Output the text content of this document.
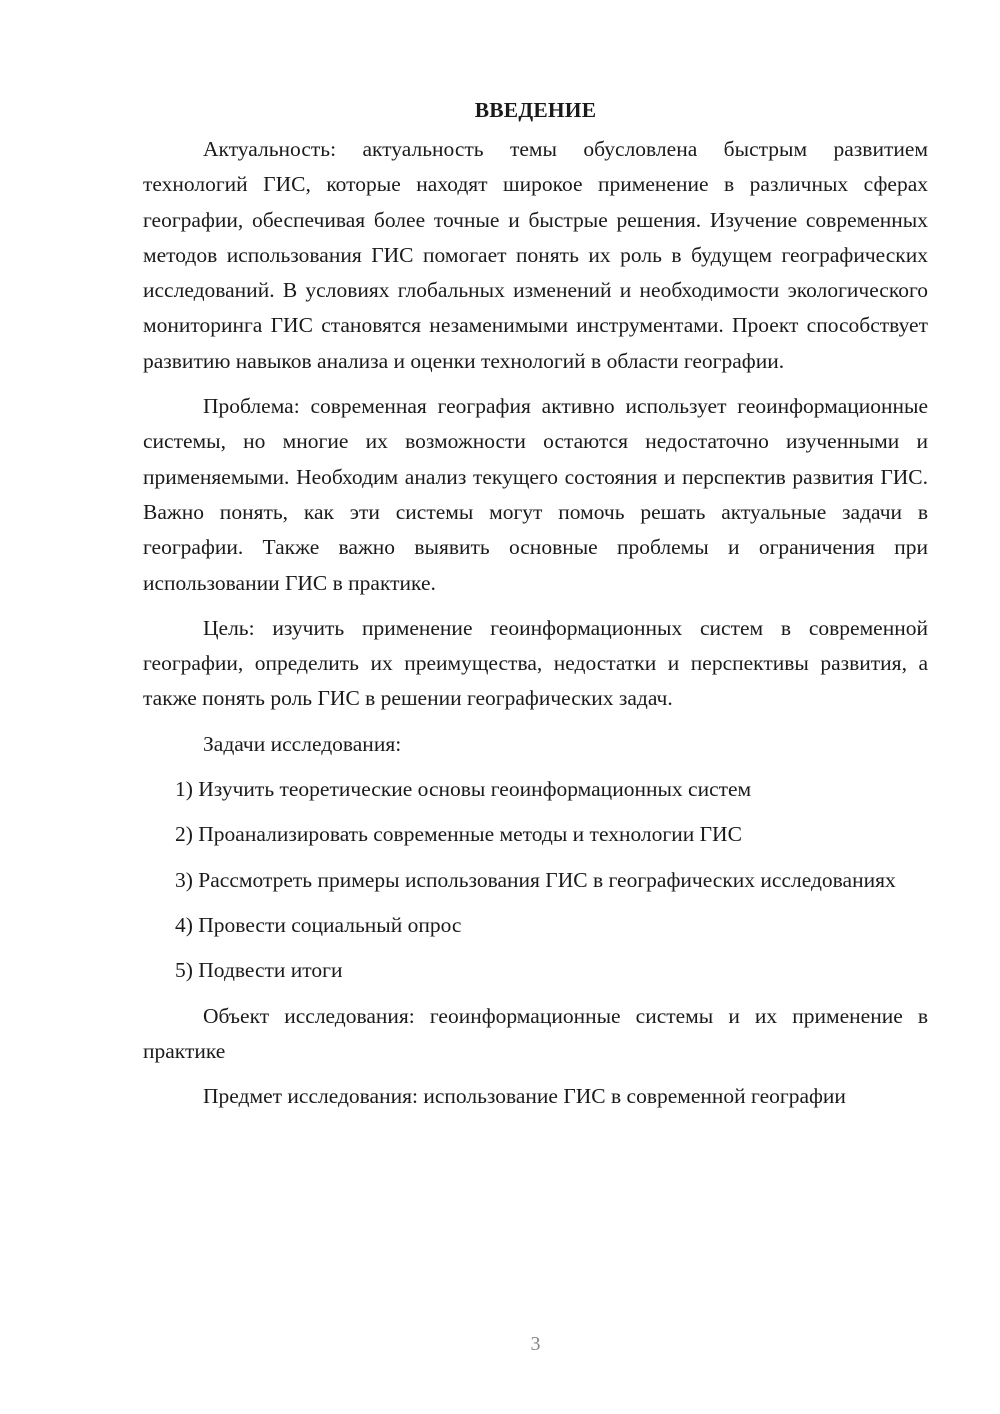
ВВЕДЕНИЕ

Актуальность: актуальность темы обусловлена быстрым развитием технологий ГИС, которые находят широкое применение в различных сферах географии, обеспечивая более точные и быстрые решения. Изучение современных методов использования ГИС помогает понять их роль в будущем географических исследований. В условиях глобальных изменений и необходимости экологического мониторинга ГИС становятся незаменимыми инструментами. Проект способствует развитию навыков анализа и оценки технологий в области географии.

Проблема: современная география активно использует геоинформационные системы, но многие их возможности остаются недостаточно изученными и применяемыми. Необходим анализ текущего состояния и перспектив развития ГИС. Важно понять, как эти системы могут помочь решать актуальные задачи в географии. Также важно выявить основные проблемы и ограничения при использовании ГИС в практике.

Цель: изучить применение геоинформационных систем в современной географии, определить их преимущества, недостатки и перспективы развития, а также понять роль ГИС в решении географических задач.

Задачи исследования:

1) Изучить теоретические основы геоинформационных систем

2) Проанализировать современные методы и технологии ГИС

3) Рассмотреть примеры использования ГИС в географических исследованиях

4) Провести социальный опрос

5) Подвести итоги

Объект исследования: геоинформационные системы и их применение в практике

Предмет исследования: использование ГИС в современной географии

3
